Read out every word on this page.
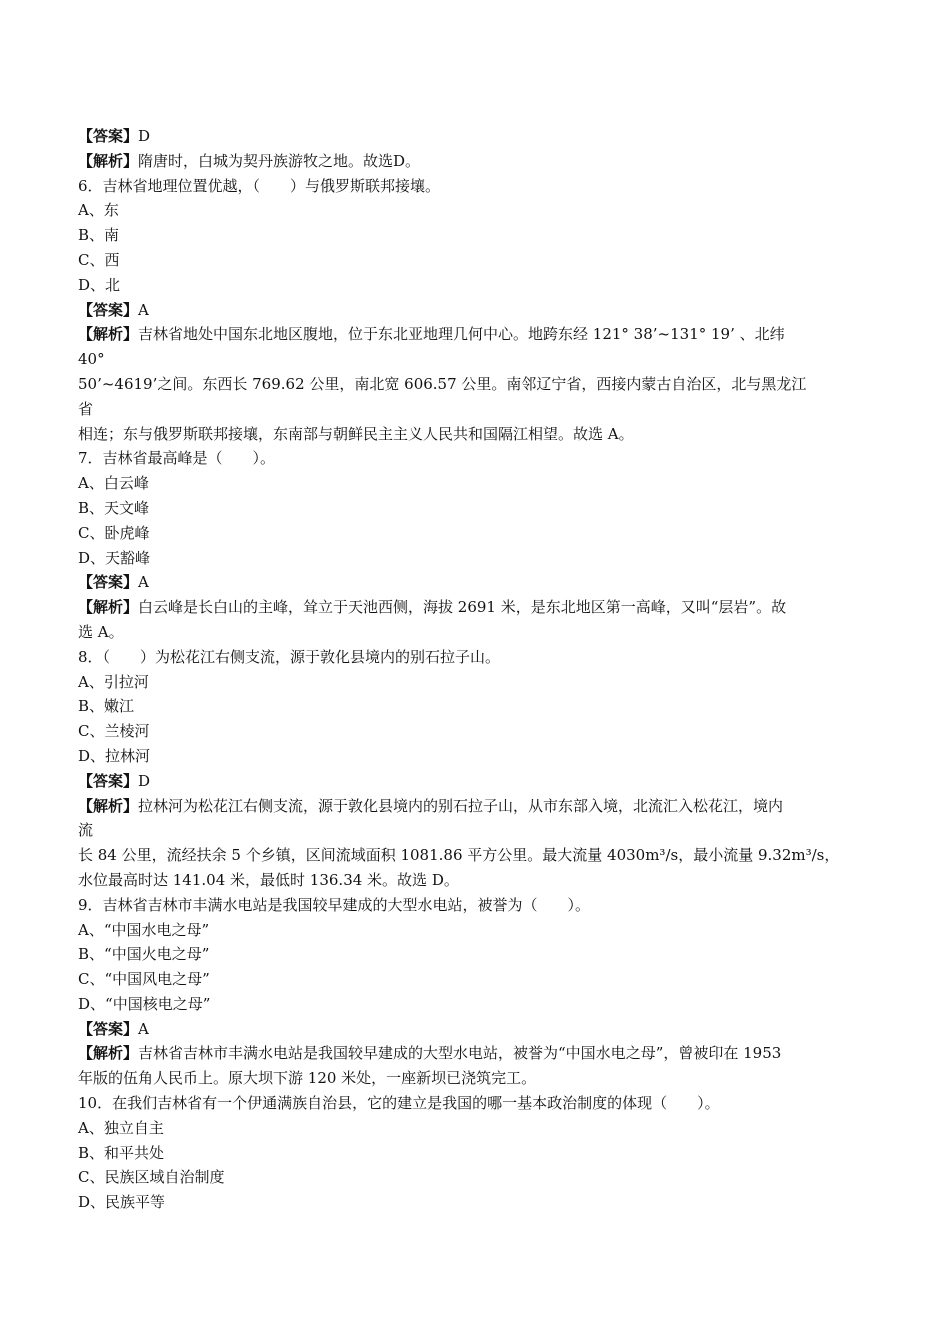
【答案】D
【解析】隋唐时，白城为契丹族游牧之地。故选D。
6．吉林省地理位置优越，（　　）与俄罗斯联邦接壤。
A、东
B、南
C、西
D、北
【答案】A
【解析】吉林省地处中国东北地区腹地，位于东北亚地理几何中心。地跨东经 121° 38’~131° 19’ 、北纬
40°
50’~4619’之间。东西长 769.62 公里，南北宽 606.57 公里。南邻辽宁省，西接内蒙古自治区，北与黑龙江
省
相连；东与俄罗斯联邦接壤，东南部与朝鲜民主主义人民共和国隔江相望。故选 A。
7．吉林省最高峰是（　　）。
A、白云峰
B、天文峰
C、卧虎峰
D、天豁峰
【答案】A
【解析】白云峰是长白山的主峰，耸立于天池西侧，海拔 2691 米，是东北地区第一高峰，又叫“层岩”。故
选 A。
8．（　　）为松花江右侧支流，源于敦化县境内的别石拉子山。
A、引拉河
B、嫩江
C、兰棱河
D、拉林河
【答案】D
【解析】拉林河为松花江右侧支流，源于敦化县境内的别石拉子山，从市东部入境，北流汇入松花江，境内
流
长 84 公里，流经扶余 5 个乡镇，区间流域面积 1081.86 平方公里。最大流量 4030m³/s，最小流量 9.32m³/s，
水位最高时达 141.04 米，最低时 136.34 米。故选 D。
9．吉林省吉林市丰满水电站是我国较早建成的大型水电站，被誉为（　　）。
A、“中国水电之母”
B、“中国火电之母”
C、“中国风电之母”
D、“中国核电之母”
【答案】A
【解析】吉林省吉林市丰满水电站是我国较早建成的大型水电站，被誉为“中国水电之母”，曾被印在 1953
年版的伍角人民币上。原大坝下游 120 米处，一座新坝已浇筑完工。
10．在我们吉林省有一个伊通满族自治县，它的建立是我国的哪一基本政治制度的体现（　　）。
A、独立自主
B、和平共处
C、民族区域自治制度
D、民族平等
